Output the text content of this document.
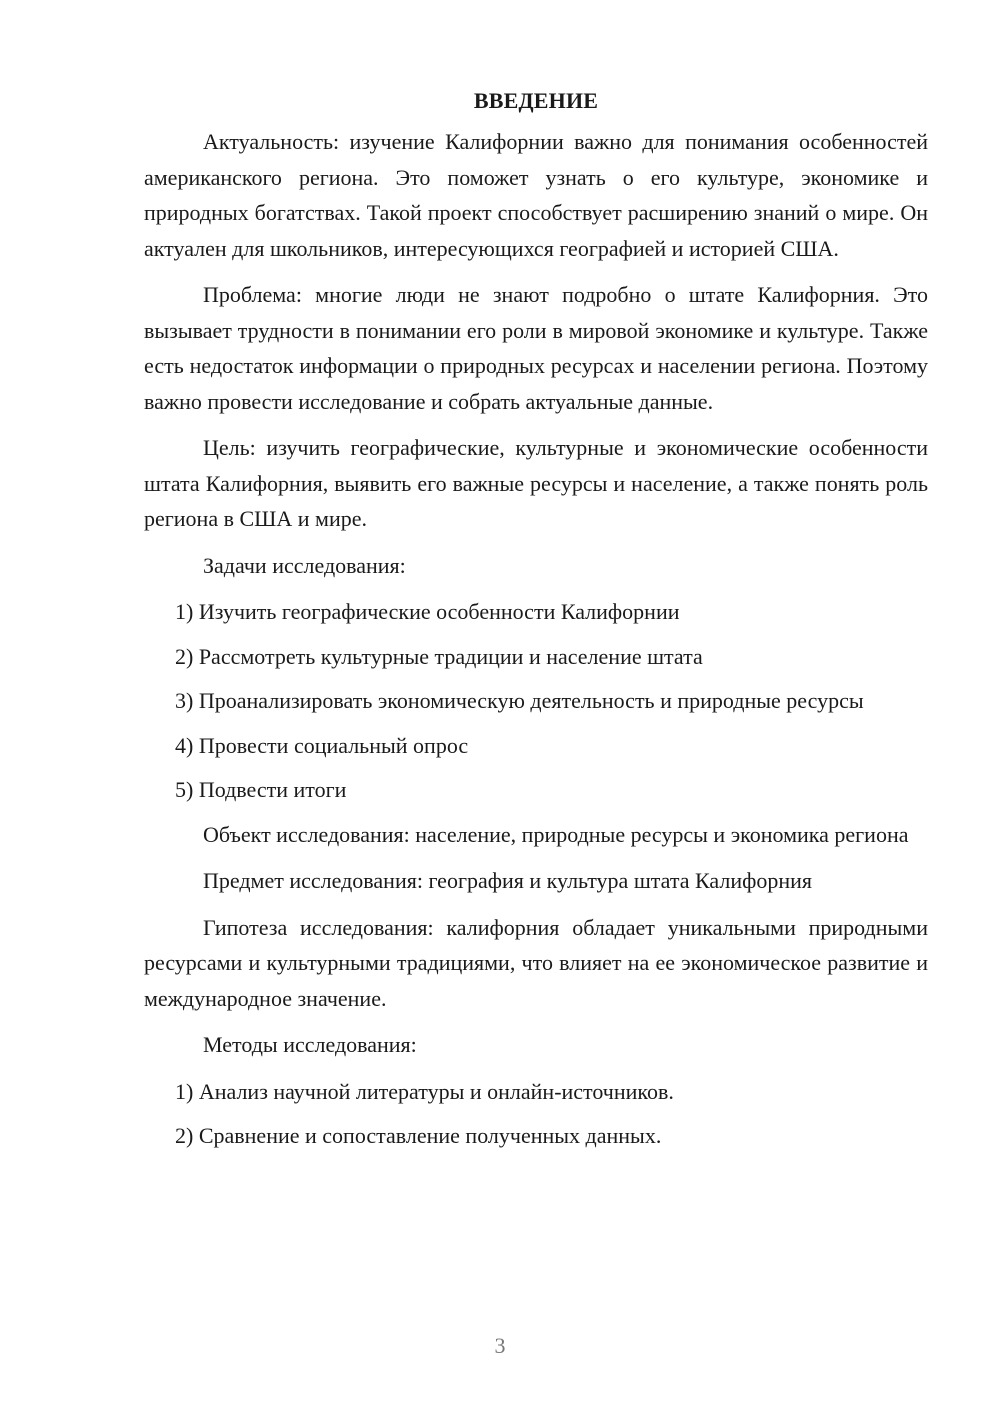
ВВЕДЕНИЕ

Актуальность: изучение Калифорнии важно для понимания особенностей американского региона. Это поможет узнать о его культуре, экономике и природных богатствах. Такой проект способствует расширению знаний о мире. Он актуален для школьников, интересующихся географией и историей США.

Проблема: многие люди не знают подробно о штате Калифорния. Это вызывает трудности в понимании его роли в мировой экономике и культуре. Также есть недостаток информации о природных ресурсах и населении региона. Поэтому важно провести исследование и собрать актуальные данные.

Цель: изучить географические, культурные и экономические особенности штата Калифорния, выявить его важные ресурсы и население, а также понять роль региона в США и мире.

Задачи исследования:

1) Изучить географические особенности Калифорнии

2) Рассмотреть культурные традиции и население штата

3) Проанализировать экономическую деятельность и природные ресурсы

4) Провести социальный опрос

5) Подвести итоги

Объект исследования: население, природные ресурсы и экономика региона

Предмет исследования: география и культура штата Калифорния

Гипотеза исследования: калифорния обладает уникальными природными ресурсами и культурными традициями, что влияет на ее экономическое развитие и международное значение.

Методы исследования:

1) Анализ научной литературы и онлайн-источников.

2) Сравнение и сопоставление полученных данных.

3
